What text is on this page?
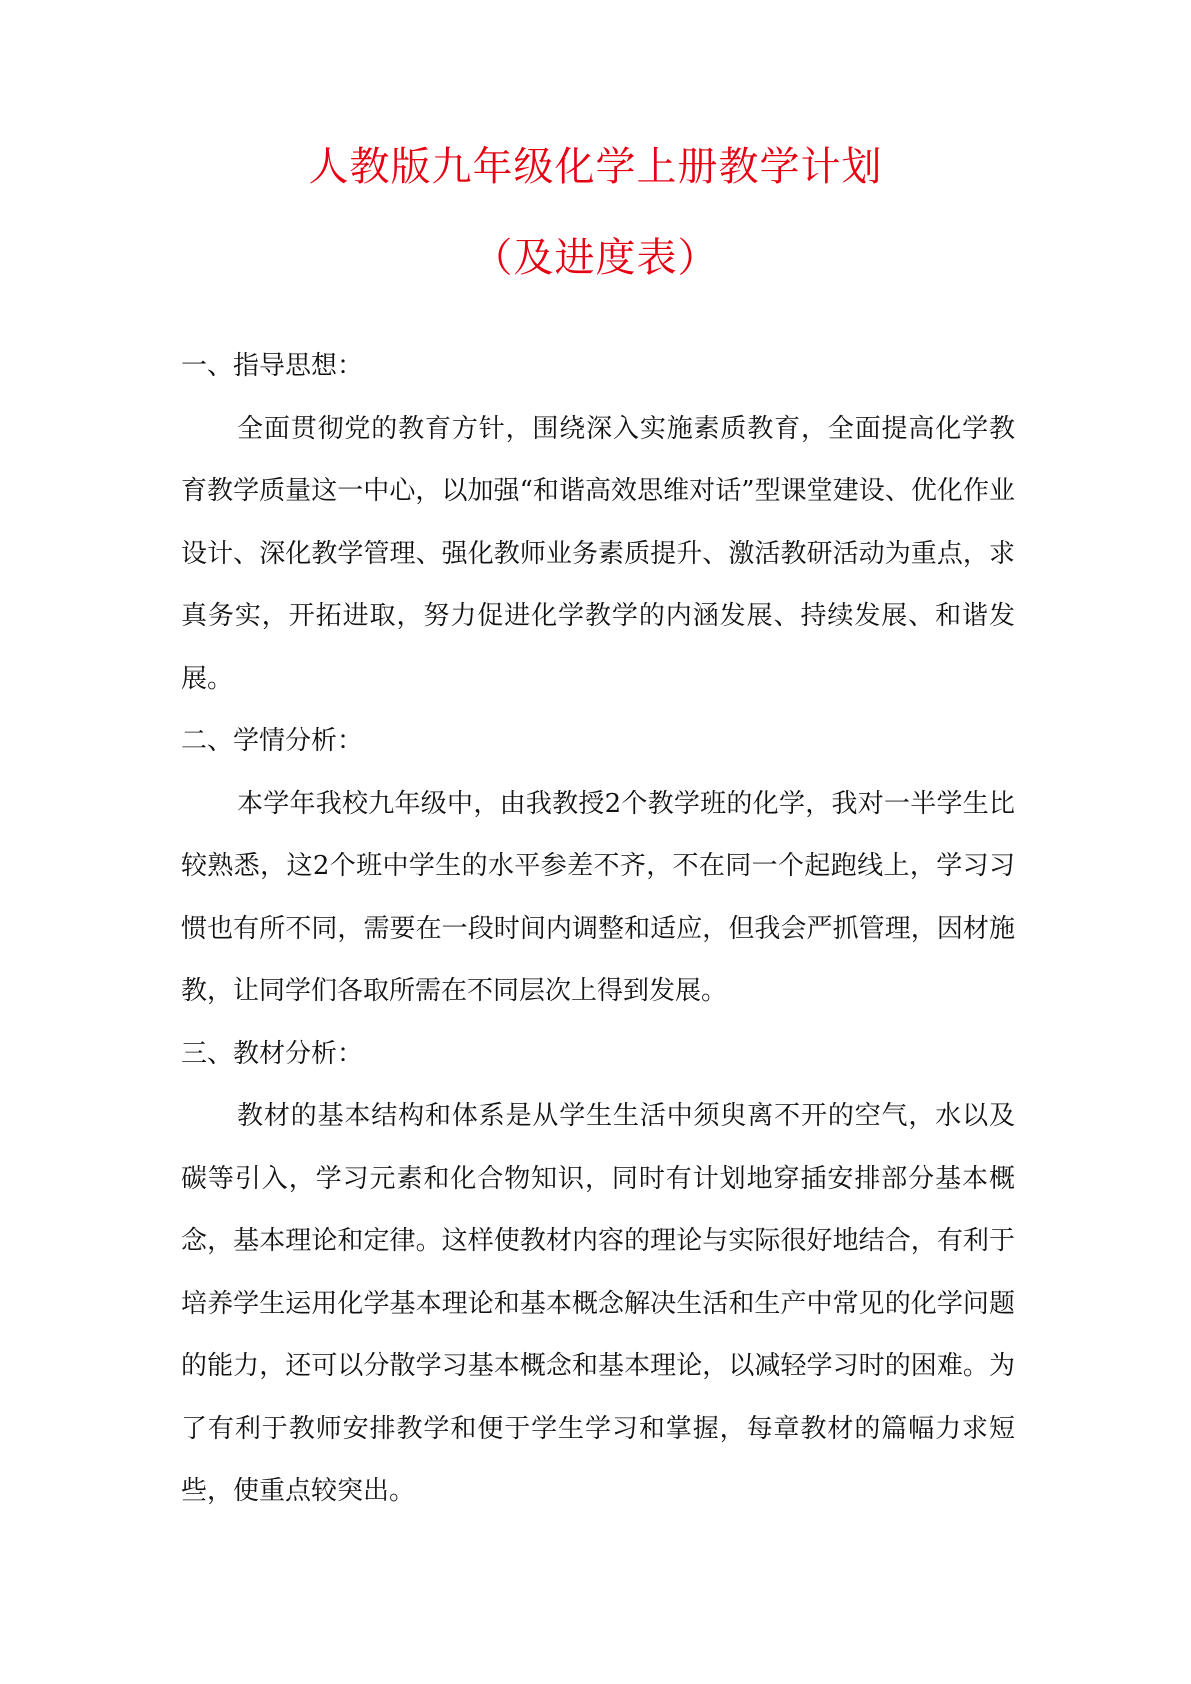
人教版九年级化学上册教学计划
（及进度表）

一、指导思想：

全面贯彻党的教育方针，围绕深入实施素质教育，全面提高化学教育教学质量这一中心，以加强“和谐高效思维对话”型课堂建设、优化作业设计、深化教学管理、强化教师业务素质提升、激活教研活动为重点，求真务实，开拓进取，努力促进化学教学的内涵发展、持续发展、和谐发展。

二、学情分析：

本学年我校九年级中，由我教授2个教学班的化学，我对一半学生比较熟悉，这2个班中学生的水平参差不齐，不在同一个起跑线上，学习习惯也有所不同，需要在一段时间内调整和适应，但我会严抓管理，因材施教，让同学们各取所需在不同层次上得到发展。

三、教材分析：

教材的基本结构和体系是从学生生活中须臾离不开的空气，水以及碳等引入，学习元素和化合物知识，同时有计划地穿插安排部分基本概念，基本理论和定律。这样使教材内容的理论与实际很好地结合，有利于培养学生运用化学基本理论和基本概念解决生活和生产中常见的化学问题的能力，还可以分散学习基本概念和基本理论，以减轻学习时的困难。为了有利于教师安排教学和便于学生学习和掌握，每章教材的篇幅力求短些，使重点较突出。
